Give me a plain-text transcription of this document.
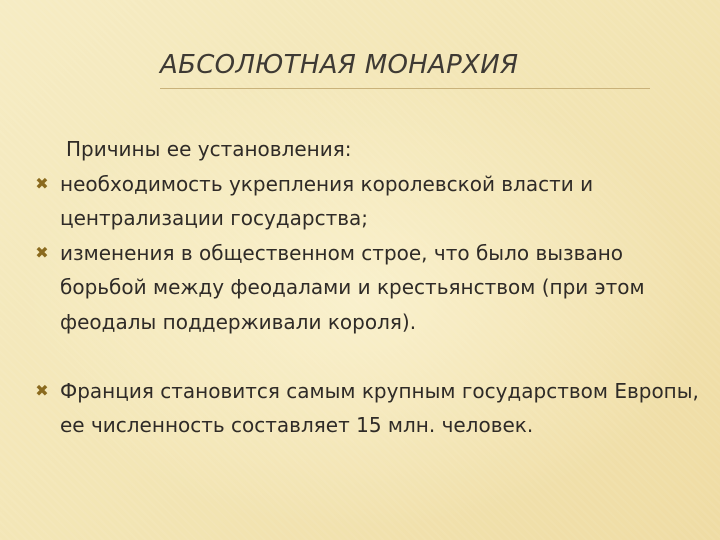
АБСОЛЮТНАЯ МОНАРХИЯ
Причины ее установления:
✖ необходимость укрепления королевской власти и централизации государства;
✖ изменения в общественном строе, что было вызвано борьбой между феодалами и крестьянством (при этом феодалы поддерживали короля).
✖ Франция становится самым крупным государством Европы, ее численность составляет 15 млн. человек.
